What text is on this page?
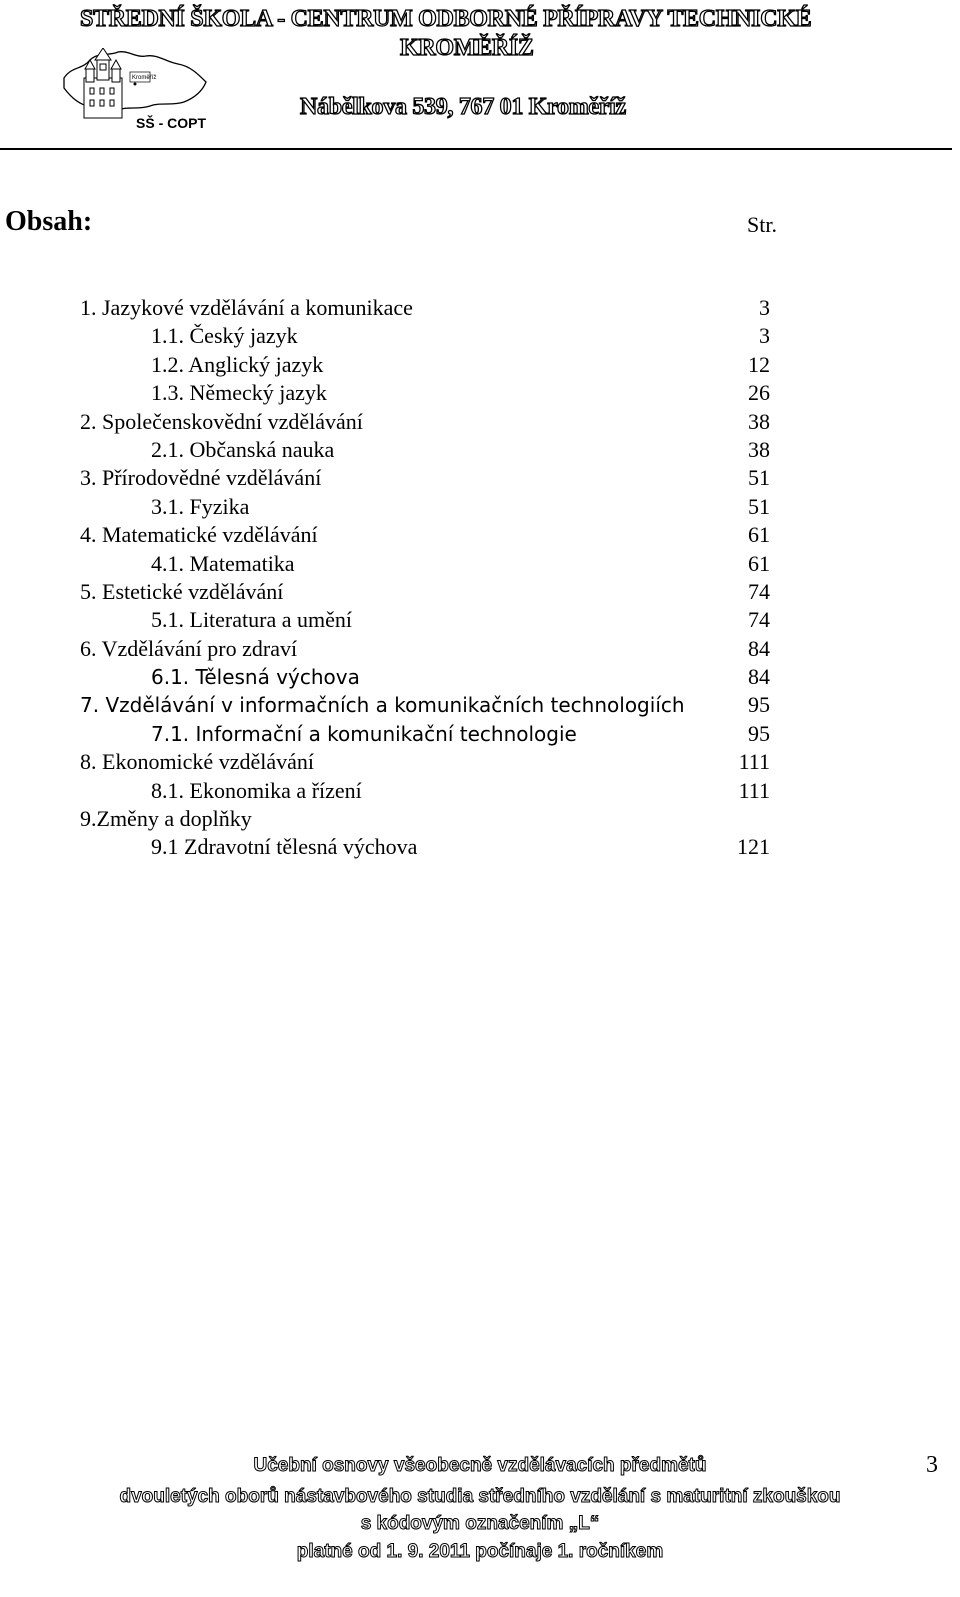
STŘEDNÍ ŠKOLA - CENTRUM ODBORNÉ PŘÍPRAVY TECHNICKÉ
KROMĚŘÍŽ
Nábělkova 539, 767 01 Kroměříž
Kroměříž
SŠ - COPT
Obsah:	Str.
1. Jazykové vzdělávání a komunikace	3
1.1. Český jazyk	3
1.2. Anglický jazyk	12
1.3. Německý jazyk	26
2. Společenskovědní vzdělávání	38
2.1. Občanská nauka	38
3. Přírodovědné vzdělávání	51
3.1. Fyzika	51
4. Matematické vzdělávání	61
4.1. Matematika	61
5. Estetické vzdělávání	74
5.1. Literatura a umění	74
6. Vzdělávání pro zdraví	84
6.1. Tělesná výchova	84
7. Vzdělávání v informačních a komunikačních technologiích	95
7.1. Informační a komunikační technologie	95
8. Ekonomické vzdělávání	111
8.1. Ekonomika a řízení	111
9.Změny a doplňky
9.1 Zdravotní tělesná výchova	121
Učební osnovy všeobecně vzdělávacích předmětů
dvouletých oborů nástavbového studia středního vzdělání s maturitní zkouškou
s kódovým označením „L“
platné od 1. 9. 2011 počínaje 1. ročníkem
3
